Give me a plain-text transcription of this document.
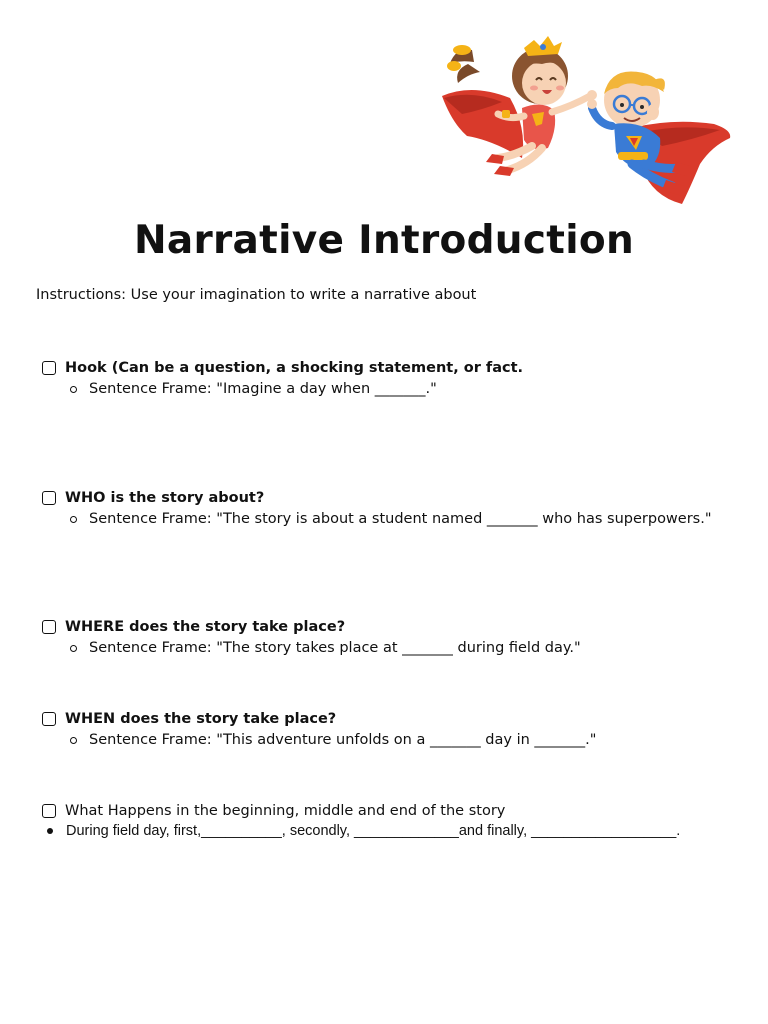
Narrative Introduction
Instructions: Use your imagination to write a narrative about
Hook (Can be a question, a shocking statement, or fact.
Sentence Frame: "Imagine a day when _______."
WHO is the story about?
Sentence Frame: "The story is about a student named _______ who has superpowers."
WHERE does the story take place?
Sentence Frame: "The story takes place at _______ during field day."
WHEN does the story take place?
Sentence Frame: "This adventure unfolds on a _______ day in _______."
What Happens in the beginning, middle and end of the story
During field day, first,__________, secondly, _____________and finally, __________________.
